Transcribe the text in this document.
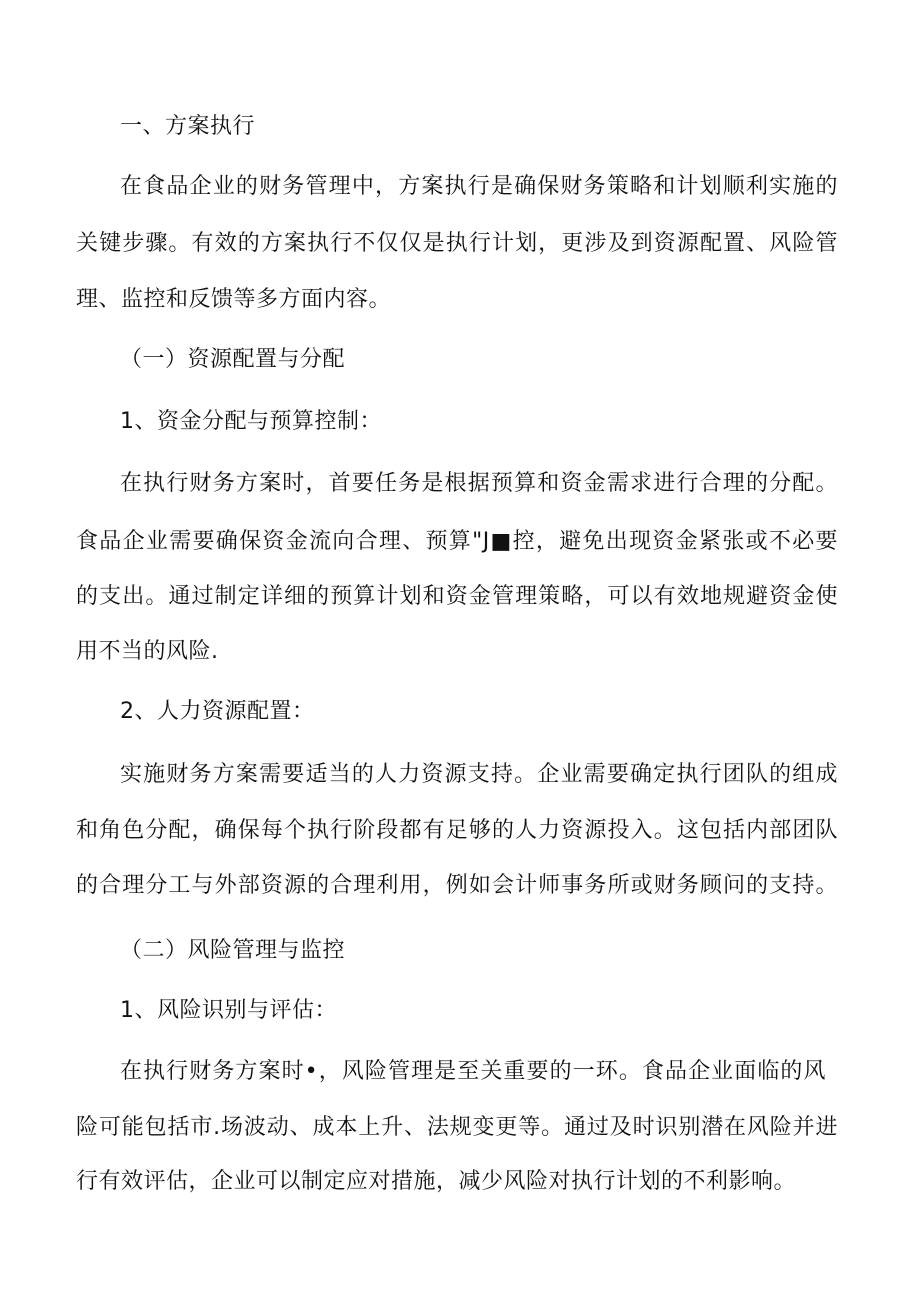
一、方案执行
在食品企业的财务管理中，方案执行是确保财务策略和计划顺利实施的
关键步骤。有效的方案执行不仅仅是执行计划，更涉及到资源配置、风险管
理、监控和反馈等多方面内容。
（一）资源配置与分配
1、资金分配与预算控制：
在执行财务方案时，首要任务是根据预算和资金需求进行合理的分配。
食品企业需要确保资金流向合理、预算"J■控，避免出现资金紧张或不必要
的支出。通过制定详细的预算计划和资金管理策略，可以有效地规避资金使
用不当的风险.
2、人力资源配置：
实施财务方案需要适当的人力资源支持。企业需要确定执行团队的组成
和角色分配，确保每个执行阶段都有足够的人力资源投入。这包括内部团队
的合理分工与外部资源的合理利用，例如会计师事务所或财务顾问的支持。
（二）风险管理与监控
1、风险识别与评估：
在执行财务方案时•，风险管理是至关重要的一环。食品企业面临的风
险可能包括市.场波动、成本上升、法规变更等。通过及时识别潜在风险并进
行有效评估，企业可以制定应对措施，减少风险对执行计划的不利影响。
